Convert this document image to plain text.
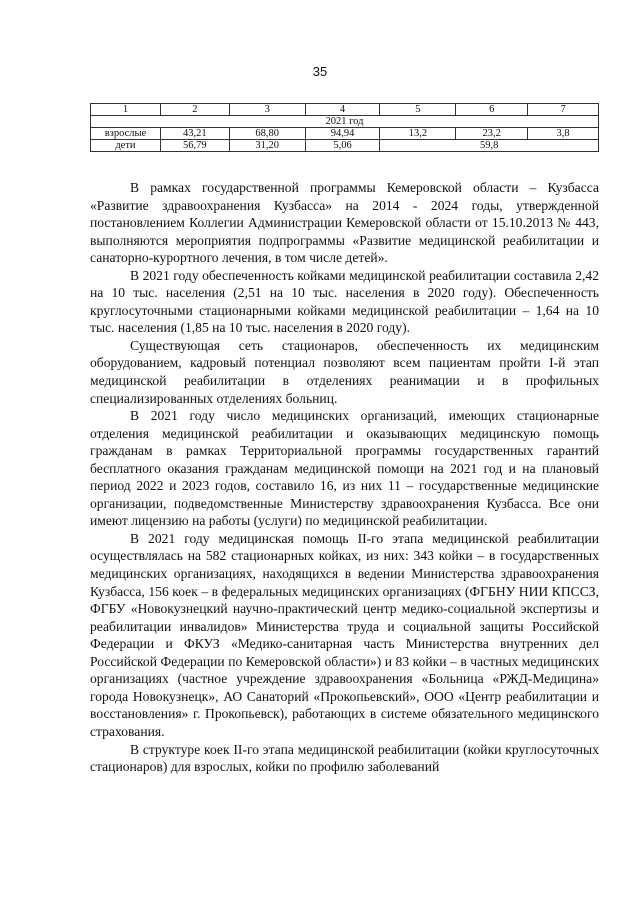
35
1	2	3	4	5	6	7
2021 год						
взрослые	43,21	68,80	94,94	13,2	23,2	3,8
дети	56,79	31,20	5,06	59,8		

В рамках государственной программы Кемеровской области – Кузбасса «Развитие здравоохранения Кузбасса» на 2014 - 2024 годы, утвержденной постановлением Коллегии Администрации Кемеровской области от 15.10.2013 № 443, выполняются мероприятия подпрограммы «Развитие медицинской реабилитации и санаторно-курортного лечения, в том числе детей».

В 2021 году обеспеченность койками медицинской реабилитации составила 2,42 на 10 тыс. населения (2,51 на 10 тыс. населения в 2020 году). Обеспеченность круглосуточными стационарными койками медицинской реабилитации – 1,64 на 10 тыс. населения (1,85 на 10 тыс. населения в 2020 году).

Существующая сеть стационаров, обеспеченность их медицинским оборудованием, кадровый потенциал позволяют всем пациентам пройти I-й этап медицинской реабилитации в отделениях реанимации и в профильных специализированных отделениях больниц.

В 2021 году число медицинских организаций, имеющих стационарные отделения медицинской реабилитации и оказывающих медицинскую помощь гражданам в рамках Территориальной программы государственных гарантий бесплатного оказания гражданам медицинской помощи на 2021 год и на плановый период 2022 и 2023 годов, составило 16, из них 11 – государственные медицинские организации, подведомственные Министерству здравоохранения Кузбасса. Все они имеют лицензию на работы (услуги) по медицинской реабилитации.

В 2021 году медицинская помощь II-го этапа медицинской реабилитации осуществлялась на 582 стационарных койках, из них: 343 койки – в государственных медицинских организациях, находящихся в ведении Министерства здравоохранения Кузбасса, 156 коек – в федеральных медицинских организациях (ФГБНУ НИИ КПССЗ, ФГБУ «Новокузнецкий научно-практический центр медико-социальной экспертизы и реабилитации инвалидов» Министерства труда и социальной защиты Российской Федерации и ФКУЗ «Медико-санитарная часть Министерства внутренних дел Российской Федерации по Кемеровской области») и 83 койки – в частных медицинских организациях (частное учреждение здравоохранения «Больница «РЖД-Медицина» города Новокузнецк», АО Санаторий «Прокопьевский», ООО «Центр реабилитации и восстановления» г. Прокопьевск), работающих в системе обязательного медицинского страхования.

В структуре коек II-го этапа медицинской реабилитации (койки круглосуточных стационаров) для взрослых, койки по профилю заболеваний
